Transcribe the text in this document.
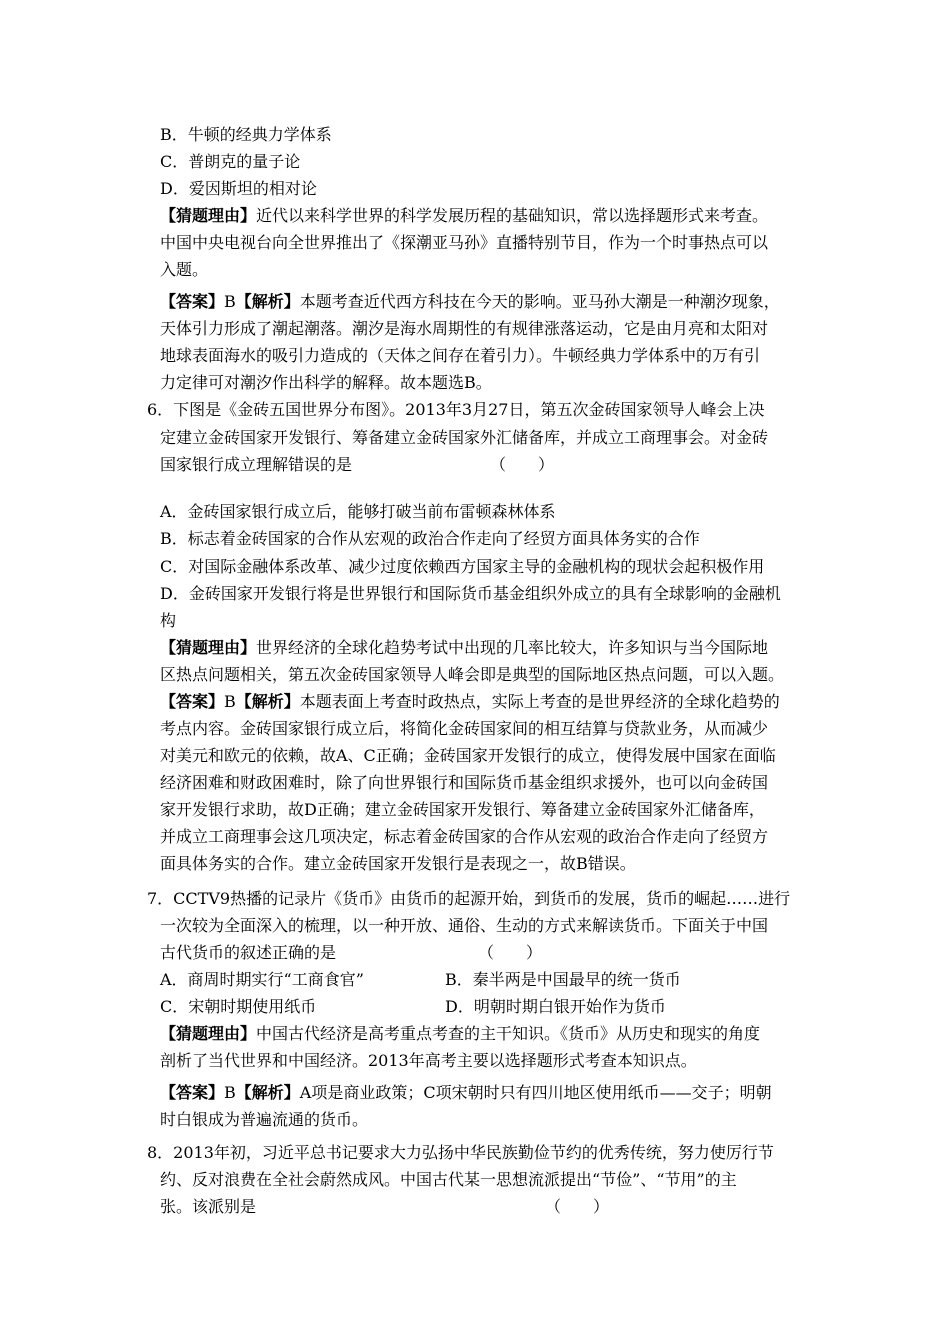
B．牛顿的经典力学体系
C．普朗克的量子论
D．爱因斯坦的相对论
【猜题理由】近代以来科学世界的科学发展历程的基础知识，常以选择题形式来考查。
中国中央电视台向全世界推出了《探潮亚马孙》直播特别节目，作为一个时事热点可以
入题。
【答案】B【解析】本题考查近代西方科技在今天的影响。亚马孙大潮是一种潮汐现象，
天体引力形成了潮起潮落。潮汐是海水周期性的有规律涨落运动，它是由月亮和太阳对
地球表面海水的吸引力造成的（天体之间存在着引力）。牛顿经典力学体系中的万有引
力定律可对潮汐作出科学的解释。故本题选B。
6．下图是《金砖五国世界分布图》。2013年3月27日，第五次金砖国家领导人峰会上决
定建立金砖国家开发银行、筹备建立金砖国家外汇储备库，并成立工商理事会。对金砖
国家银行成立理解错误的是	（　　）
A．金砖国家银行成立后，能够打破当前布雷顿森林体系
B．标志着金砖国家的合作从宏观的政治合作走向了经贸方面具体务实的合作
C．对国际金融体系改革、减少过度依赖西方国家主导的金融机构的现状会起积极作用
D．金砖国家开发银行将是世界银行和国际货币基金组织外成立的具有全球影响的金融机
构
【猜题理由】世界经济的全球化趋势考试中出现的几率比较大，许多知识与当今国际地
区热点问题相关，第五次金砖国家领导人峰会即是典型的国际地区热点问题，可以入题。
【答案】B【解析】本题表面上考查时政热点，实际上考查的是世界经济的全球化趋势的
考点内容。金砖国家银行成立后，将简化金砖国家间的相互结算与贷款业务，从而减少
对美元和欧元的依赖，故A、C正确；金砖国家开发银行的成立，使得发展中国家在面临
经济困难和财政困难时，除了向世界银行和国际货币基金组织求援外，也可以向金砖国
家开发银行求助，故D正确；建立金砖国家开发银行、筹备建立金砖国家外汇储备库，
并成立工商理事会这几项决定，标志着金砖国家的合作从宏观的政治合作走向了经贸方
面具体务实的合作。建立金砖国家开发银行是表现之一，故B错误。
7．CCTV9热播的记录片《货币》由货币的起源开始，到货币的发展，货币的崛起……进行
一次较为全面深入的梳理，以一种开放、通俗、生动的方式来解读货币。下面关于中国
古代货币的叙述正确的是	（　　）
A．商周时期实行“工商食官”	B．秦半两是中国最早的统一货币
C．宋朝时期使用纸币	D．明朝时期白银开始作为货币
【猜题理由】中国古代经济是高考重点考查的主干知识。《货币》从历史和现实的角度
剖析了当代世界和中国经济。2013年高考主要以选择题形式考查本知识点。
【答案】B【解析】A项是商业政策；C项宋朝时只有四川地区使用纸币——交子；明朝
时白银成为普遍流通的货币。
8．2013年初，习近平总书记要求大力弘扬中华民族勤俭节约的优秀传统，努力使厉行节
约、反对浪费在全社会蔚然成风。中国古代某一思想流派提出“节俭”、“节用”的主
张。该派别是	（　　）
